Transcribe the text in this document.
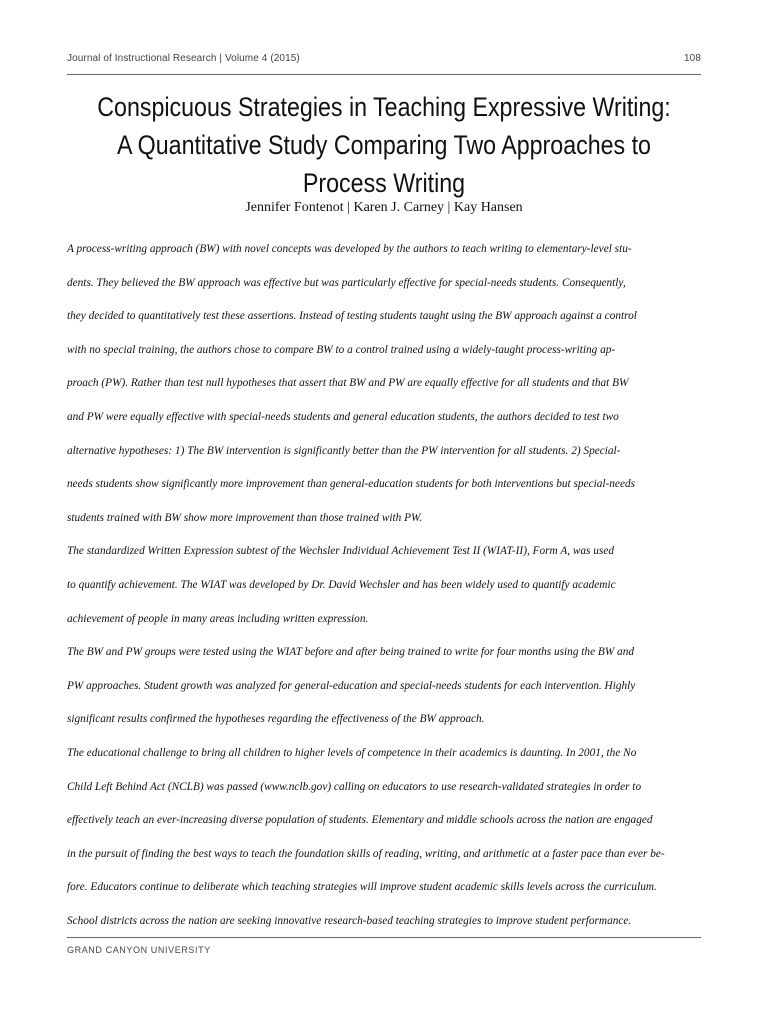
Journal of Instructional Research | Volume 4 (2015)	108
Conspicuous Strategies in Teaching Expressive Writing:
A Quantitative Study Comparing Two Approaches to
Process Writing
Jennifer Fontenot | Karen J. Carney | Kay Hansen
A process-writing approach (BW) with novel concepts was developed by the authors to teach writing to elementary-level stu-
dents. They believed the BW approach was effective but was particularly effective for special-needs students. Consequently,
they decided to quantitatively test these assertions. Instead of testing students taught using the BW approach against a control
with no special training, the authors chose to compare BW to a control trained using a widely-taught process-writing ap-
proach (PW). Rather than test null hypotheses that assert that BW and PW are equally effective for all students and that BW
and PW were equally effective with special-needs students and general education students, the authors decided to test two
alternative hypotheses: 1) The BW intervention is significantly better than the PW intervention for all students. 2) Special-
needs students show significantly more improvement than general-education students for both interventions but special-needs
students trained with BW show more improvement than those trained with PW.
The standardized Written Expression subtest of the Wechsler Individual Achievement Test II (WIAT-II), Form A, was used
to quantify achievement. The WIAT was developed by Dr. David Wechsler and has been widely used to quantify academic
achievement of people in many areas including written expression.
The BW and PW groups were tested using the WIAT before and after being trained to write for four months using the BW and
PW approaches. Student growth was analyzed for general-education and special-needs students for each intervention. Highly
significant results confirmed the hypotheses regarding the effectiveness of the BW approach.
The educational challenge to bring all children to higher levels of competence in their academics is daunting. In 2001, the No
Child Left Behind Act (NCLB) was passed (www.nclb.gov) calling on educators to use research-validated strategies in order to
effectively teach an ever-increasing diverse population of students. Elementary and middle schools across the nation are engaged
in the pursuit of finding the best ways to teach the foundation skills of reading, writing, and arithmetic at a faster pace than ever be-
fore. Educators continue to deliberate which teaching strategies will improve student academic skills levels across the curriculum.
School districts across the nation are seeking innovative research-based teaching strategies to improve student performance.
GRAND CANYON UNIVERSITY
